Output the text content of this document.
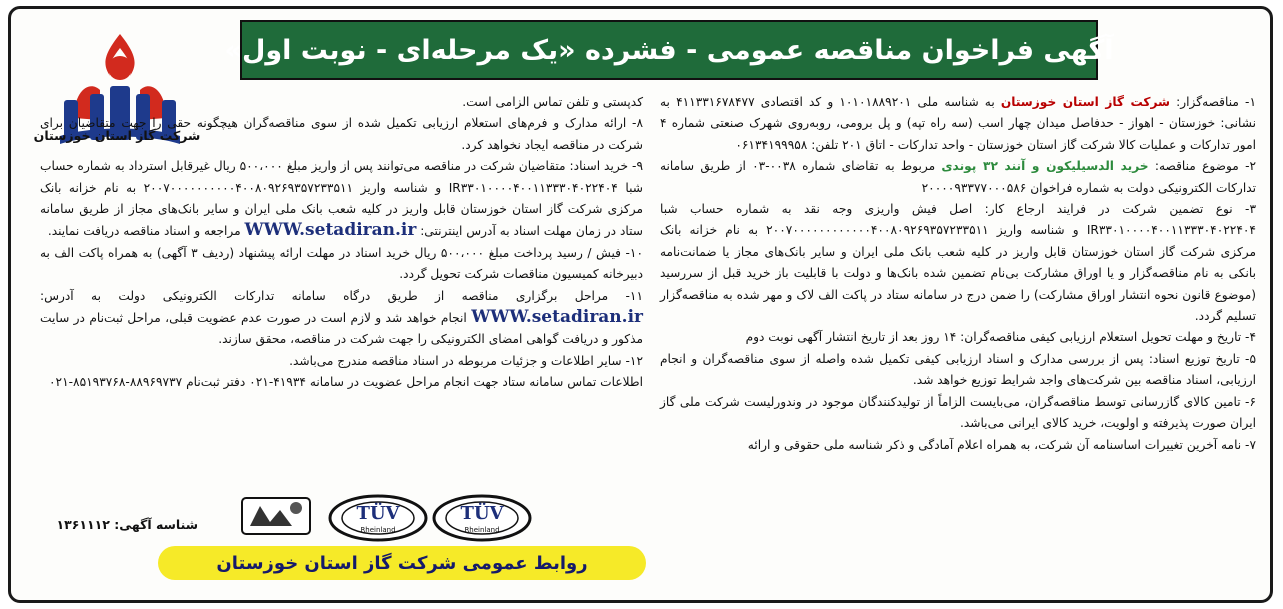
آگهی فراخوان مناقصه عمومی - فشرده «یک مرحله‌ای - نوبت اول»
شرکت گاز استان خوزستان

۱- مناقصه‌گزار: شرکت گاز استان خوزستان به شناسه ملی ۱۰۱۰۱۸۸۹۲۰۱ و کد اقتصادی ۴۱۱۳۳۱۶۷۸۴۷۷ به نشانی: خوزستان - اهواز - حدفاصل میدان چهار اسب (سه راه تپه) و پل برومی، روبه‌روی شهرک صنعتی شماره ۴ امور تدارکات و عملیات کالا شرکت گاز استان خوزستان - واحد تدارکات - اتاق ۲۰۱ تلفن: ۰۶۱۳۴۱۹۹۹۵۸

۲- موضوع مناقصه: خرید الدسیلیکون و آنند ۳۲ پوندی مربوط به تقاضای شماره ۰۰۳۸-۰۳ از طریق سامانه تدارکات الکترونیکی دولت به شماره فراخوان ۲۰۰۰۰۹۳۳۷۷۰۰۰۵۸۶

۳- نوع تضمین شرکت در فرایند ارجاع کار: اصل فیش واریزی وجه نقد به شماره حساب شبا IR۳۳۰۱۰۰۰۰۴۰۰۱۱۳۳۳۰۴۰۲۲۴۰۴ و شناسه واریز ۲۰۰۷۰۰۰۰۰۰۰۰۰۰۰۰۴۰۰۸۰۹۲۶۹۳۵۷۲۳۳۵۱۱ به نام خزانه بانک مرکزی شرکت گاز استان خوزستان قابل واریز در کلیه شعب بانک ملی ایران و سایر بانک‌های مجاز یا ضمانت‌نامه بانکی به نام مناقصه‌گزار و یا اوراق مشارکت بی‌نام تضمین شده بانک‌ها و دولت با قابلیت باز خرید قبل از سررسید (موضوع قانون نحوه انتشار اوراق مشارکت) را ضمن درج در سامانه ستاد در پاکت الف لاک و مهر شده به مناقصه‌گزار تسلیم گردد.

۴- تاریخ و مهلت تحویل استعلام ارزیابی کیفی مناقصه‌گران: ۱۴ روز بعد از تاریخ انتشار آگهی نوبت دوم

۵- تاریخ توزیع اسناد: پس از بررسی مدارک و اسناد ارزیابی کیفی تکمیل شده واصله از سوی مناقصه‌گران و انجام ارزیابی، اسناد مناقصه بین شرکت‌های واجد شرایط توزیع خواهد شد.

۶- تامین کالای گازرسانی توسط مناقصه‌گران، می‌بایست الزاماً از تولیدکنندگان موجود در وندورلیست شرکت ملی گاز ایران صورت پذیرفته و اولویت، خرید کالای ایرانی می‌باشد.

۷- نامه آخرین تغییرات اساسنامه آن شرکت، به همراه اعلام آمادگی و ذکر شناسه ملی حقوقی و ارائه

کدپستی و تلفن تماس الزامی است.

۸- ارائه مدارک و فرم‌های استعلام ارزیابی تکمیل شده از سوی مناقصه‌گران هیچگونه حقی را جهت متقاضیان برای شرکت در مناقصه ایجاد نخواهد کرد.

۹- خرید اسناد: متقاضیان شرکت در مناقصه می‌توانند پس از واریز مبلغ ۵۰۰،۰۰۰ ریال غیرقابل استرداد به شماره حساب شبا IR۳۳۰۱۰۰۰۰۴۰۰۱۱۳۳۳۰۴۰۲۲۴۰۴ و شناسه واریز ۲۰۰۷۰۰۰۰۰۰۰۰۰۰۴۰۰۸۰۹۲۶۹۳۵۷۲۳۳۵۱۱ به نام خزانه بانک مرکزی شرکت گاز استان خوزستان قابل واریز در کلیه شعب بانک ملی ایران و سایر بانک‌های مجاز از طریق سامانه ستاد در زمان مهلت اسناد به آدرس اینترنتی: WWW.setadiran.ir مراجعه و اسناد مناقصه دریافت نمایند.

۱۰- فیش / رسید پرداخت مبلغ ۵۰۰،۰۰۰ ریال خرید اسناد در مهلت ارائه پیشنهاد (ردیف ۳ آگهی) به همراه پاکت الف به دبیرخانه کمیسیون مناقصات شرکت تحویل گردد.

۱۱- مراحل برگزاری مناقصه از طریق درگاه سامانه تدارکات الکترونیکی دولت به آدرس: WWW.setadiran.ir انجام خواهد شد و لازم است در صورت عدم عضویت قبلی، مراحل ثبت‌نام در سایت مذکور و دریافت گواهی امضای الکترونیکی را جهت شرکت در مناقصه، محقق سازند.

۱۲- سایر اطلاعات و جزئیات مربوطه در اسناد مناقصه مندرج می‌باشد.

اطلاعات تماس سامانه ستاد جهت انجام مراحل عضویت در سامانه ۴۱۹۳۴-۰۲۱ دفتر ثبت‌نام ۸۸۹۶۹۷۳۷-۸۵۱۹۳۷۶۸-۰۲۱

TÜV
Rheinland
TÜV
Rheinland
شناسه آگهی: ۱۳۶۱۱۱۲
روابط عمومی شرکت گاز استان خوزستان
